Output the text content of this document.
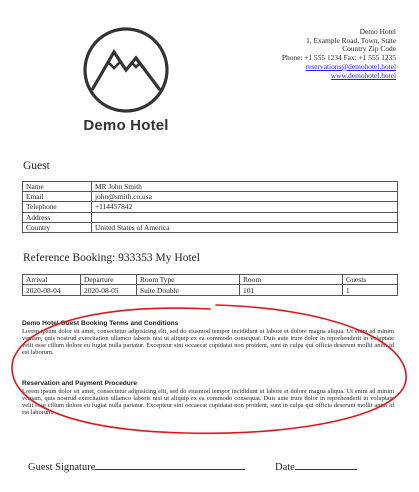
Demo Hotel
Demo Hotel
1, Example Road, Town, State
Country Zip Code
Phone: +1 555 1234 Fax: +1 555 1235
reservations@demohotel.hotel
www.demohotel.hotel
Guest
Name	MR John Smith
Email	john@smith.co.usa
Telephone	+114457842
Address	
Country	United States of America
Reference Booking: 933353 My Hotel
Arrival	Departure	Room Type	Room	Guests
2020-08-04	2020-08-05	Suite Double	101	1
Demo Hotel Guest Booking Terms and Conditions
Lorem ipsum dolor sit amet, consectetur adipisicing elit, sed do eiusmod tempor incididunt ut labore et dolore magna aliqua. Ut enim ad minim veniam, quis nostrud exercitation ullamco laboris nisi ut aliquip ex ea commodo consequat. Duis aute irure dolor in reprehenderit in voluptate velit esse cillum dolore eu fugiat nulla pariatur. Excepteur sint occaecat cupidatat non proident, sunt in culpa qui officia deserunt mollit anim id est laborum.
Reservation and Payment Procedure
Lorem ipsum dolor sit amet, consectetur adipisicing elit, sed do eiusmod tempor incididunt ut labore et dolore magna aliqua. Ut enim ad minim veniam, quis nostrud exercitation ullamco laboris nisi ut aliquip ex ea commodo consequat. Duis aute irure dolor in reprehenderit in voluptate velit esse cillum dolore eu fugiat nulla pariatur. Excepteur sint occaecat cupidatat non proident, sunt in culpa qui officia deserunt mollit anim id est laborum.
Guest Signature	Date
